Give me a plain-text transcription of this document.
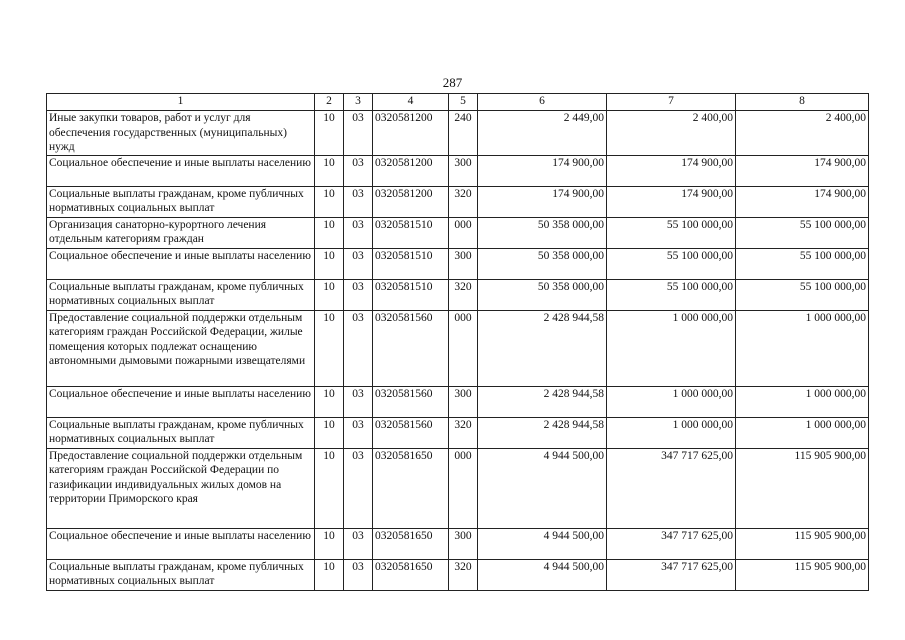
287
1	2	3	4	5	6	7	8
Иные закупки товаров, работ и услуг для обеспечения государственных (муниципальных) нужд	10	03	0320581200	240	2 449,00	2 400,00	2 400,00
Социальное обеспечение и иные выплаты населению	10	03	0320581200	300	174 900,00	174 900,00	174 900,00
Социальные выплаты гражданам, кроме публичных нормативных социальных выплат	10	03	0320581200	320	174 900,00	174 900,00	174 900,00
Организация санаторно-курортного лечения отдельным категориям граждан	10	03	0320581510	000	50 358 000,00	55 100 000,00	55 100 000,00
Социальное обеспечение и иные выплаты населению	10	03	0320581510	300	50 358 000,00	55 100 000,00	55 100 000,00
Социальные выплаты гражданам, кроме публичных нормативных социальных выплат	10	03	0320581510	320	50 358 000,00	55 100 000,00	55 100 000,00
Предоставление социальной поддержки отдельным категориям граждан Российской Федерации, жилые помещения которых подлежат оснащению автономными дымовыми пожарными извещателями	10	03	0320581560	000	2 428 944,58	1 000 000,00	1 000 000,00
Социальное обеспечение и иные выплаты населению	10	03	0320581560	300	2 428 944,58	1 000 000,00	1 000 000,00
Социальные выплаты гражданам, кроме публичных нормативных социальных выплат	10	03	0320581560	320	2 428 944,58	1 000 000,00	1 000 000,00
Предоставление социальной поддержки отдельным категориям граждан Российской Федерации по газификации индивидуальных жилых домов на территории Приморского края	10	03	0320581650	000	4 944 500,00	347 717 625,00	115 905 900,00
Социальное обеспечение и иные выплаты населению	10	03	0320581650	300	4 944 500,00	347 717 625,00	115 905 900,00
Социальные выплаты гражданам, кроме публичных нормативных социальных выплат	10	03	0320581650	320	4 944 500,00	347 717 625,00	115 905 900,00
